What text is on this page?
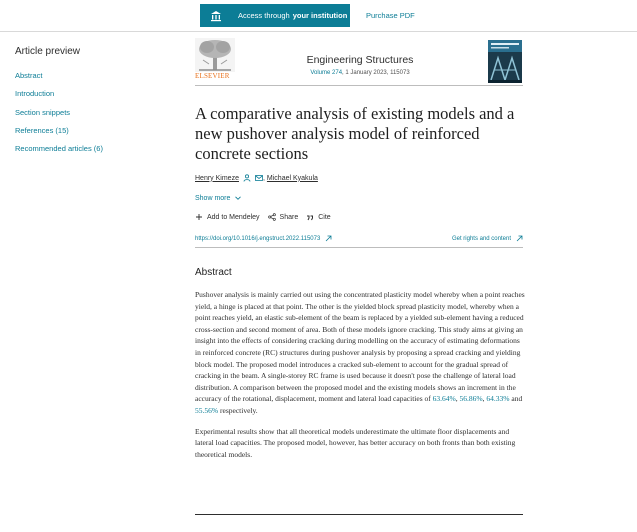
Access through your institution Purchase PDF
Article preview
Abstract
Introduction
Section snippets
References (15)
Recommended articles (6)
ELSEVIER
Engineering Structures
Volume 274, 1 January 2023, 115073
A comparative analysis of existing models and a new pushover analysis model of reinforced concrete sections
Henry Kimeze	, Michael Kyakula
Show more
Add to Mendeley	Share	Cite
https://doi.org/10.1016/j.engstruct.2022.115073	Get rights and content
Abstract

Pushover analysis is mainly carried out using the concentrated plasticity model whereby when a point reaches yield, a hinge is placed at that point. The other is the yielded block spread plasticity model, whereby when a point reaches yield, an elastic sub-element of the beam is replaced by a yielded sub-element having a reduced cross-section and second moment of area. Both of these models ignore cracking. This study aims at giving an insight into the effects of considering cracking during modelling on the accuracy of estimating deformations in reinforced concrete (RC) structures during pushover analysis by proposing a spread cracking and yielding block model. The proposed model introduces a cracked sub-element to account for the gradual spread of cracking in the beam. A single-storey RC frame is used because it doesn't pose the challenge of lateral load distribution. A comparison between the proposed model and the existing models shows an increment in the accuracy of the rotational, displacement, moment and lateral load capacities of 63.64%, 56.86%, 64.33% and 55.56% respectively.

Experimental results show that all theoretical models underestimate the ultimate floor displacements and lateral load capacities. The proposed model, however, has better accuracy on both fronts than both existing theoretical models.
